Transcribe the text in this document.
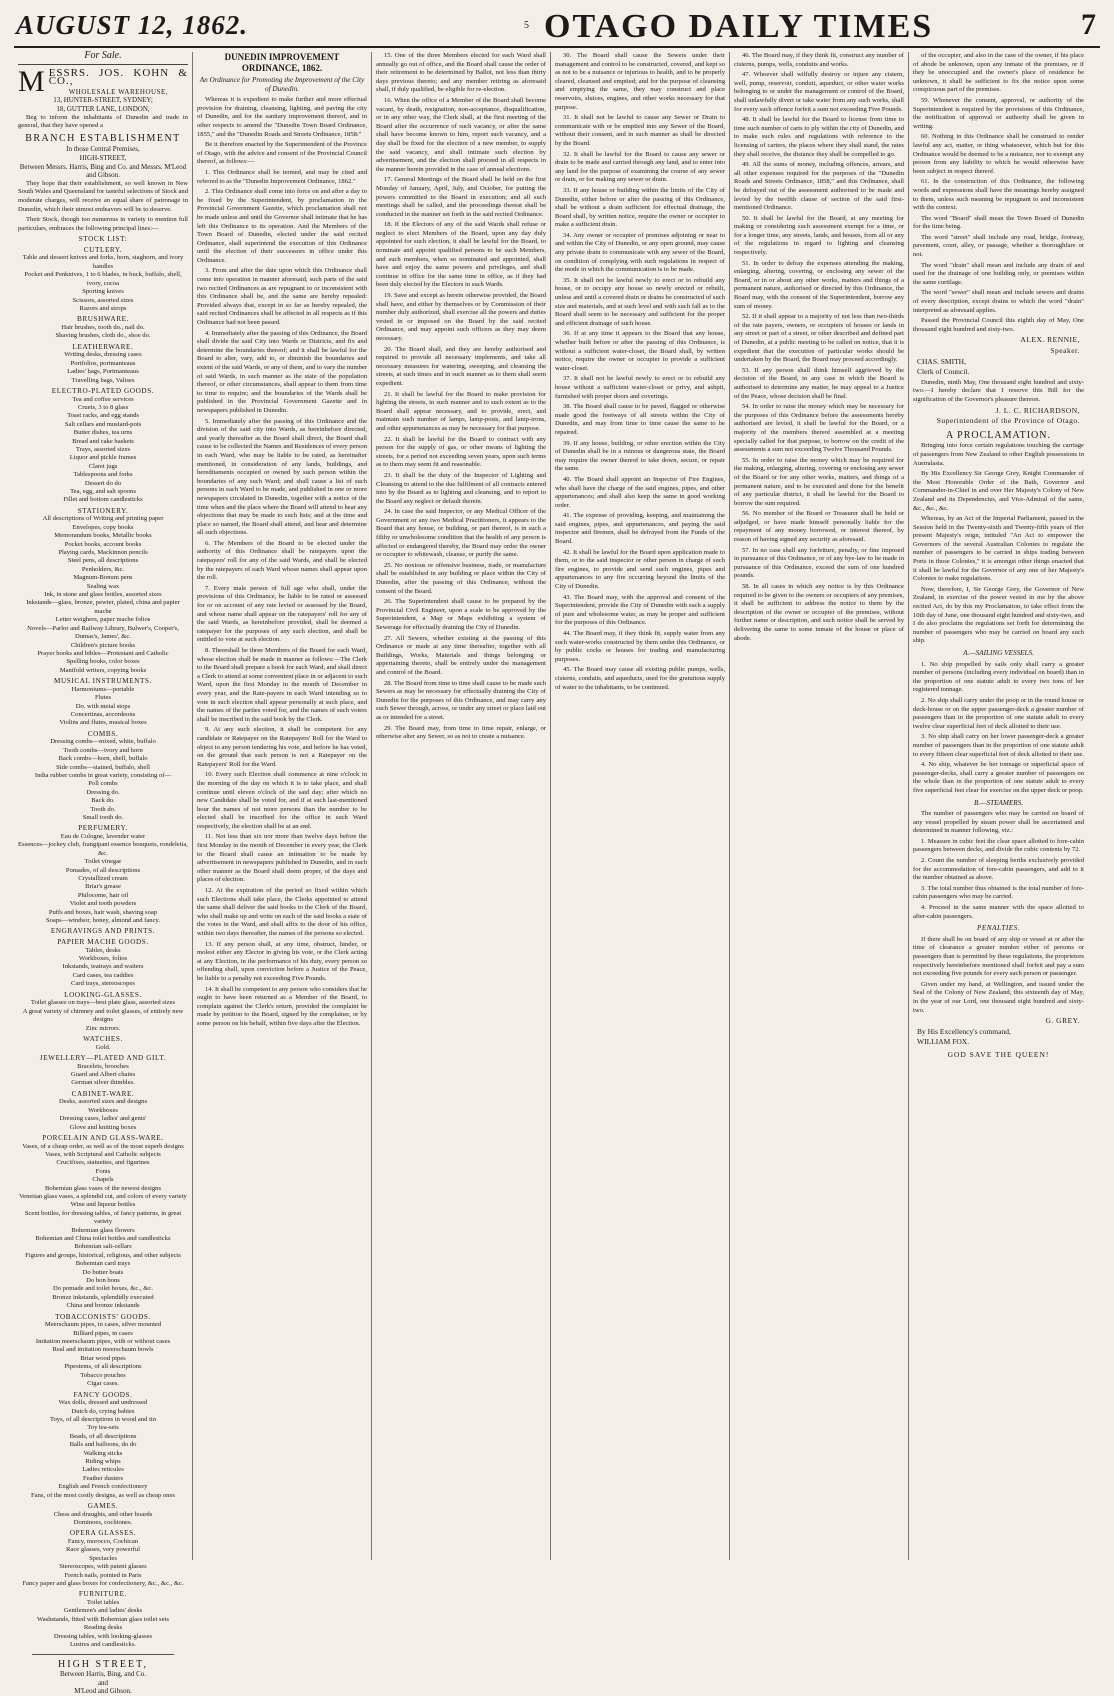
AUGUST 12, 1862.	5 OTAGO DAILY TIMES	7
For Sale.
M ESSRS. JOS. KOHN & CO.,
WHOLESALE WAREHOUSE,
13, HUNTER-STREET, SYDNEY;
18, GUTTER LANE, LONDON,

Beg to inform the inhabitants of Dunedin and trade in general, that they have opened a

BRANCH ESTABLISHMENT
In those Central Premises,
HIGH-STREET,
Between Messrs. Harris, Bing and Co. and Messrs. M'Leod and Gibson.

They hope that their establishment, so well known in New South Wales and Queensland for tasteful selections of Stock and moderate charges, will receive an equal share of patronage in Dunedin, which their utmost endeavors will be to deserve.

Their Stock, though too numerous in variety to mention full particulars, embraces the following principal lines:—

STOCK LIST:
CUTLERY.
Table and dessert knives and forks, horn, staghorn, and ivory handles
Pocket and Penknives, 1 to 6 blades, in buck, buffalo, shell, ivory, cocoa
Sporting knives
Scissors, assorted sizes
Razors and strops
BRUSHWARE.
Hair brushes, tooth do., nail do.
Shaving brushes, cloth do., shoe do.
LEATHERWARE.
Writing desks, dressing cases
Portfolios, portmanteaus
Ladies' bags, Portmanteaus
Travelling bags, Valises
ELECTRO-PLATED GOODS.
Tea and coffee services
Cruets, 3 to 8 glass
Toast racks, and egg stands
Salt cellars and mustard-pots
Butter dishes, tea urns
Bread and cake baskets
Trays, assorted sizes
Liquor and pickle frames
Claret jugs
Tablespoons and forks
Dessert do do
Tea, egg, and salt spoons
Fillet and bottom candlesticks
STATIONERY.
All descriptions of Writing and printing paper
Envelopes, copy books
Memorandum books, Metallic books
Pocket books, account books
Playing cards, Mackinnon pencils
Steel pens, all descriptions
Penholders, &c.
Magnum-Bonum pens
Sealing wax
Ink, in stone and glass bottles, assorted sizes
Inkstands—glass, bronze, pewter, plated, china and papier mache
Letter weighers, paper mache folios
Novels—Parlor and Railway Library, Bulwer's, Cooper's, Dumas's, James', &c.
Children's picture books
Prayer books and bibles—Protestant and Catholic
Spelling books, color boxes
Manifold writers, copying books
MUSICAL INSTRUMENTS.
Harmoniums—portable
Flutes
Do. with metal stops
Concertinas, accordeons
Violins and flutes, musical boxes
COMBS.
Dressing combs—mixed, white, buffalo
Tooth combs—ivory and horn
Back combs—horn, shell, buffalo
Side combs—stained, buffalo, shell
India rubber combs in great variety, consisting of—
Poll combs
Dressing do.
Back do.
Tooth do.
Small tooth do.
PERFUMERY.
Eau de Cologne, lavender water
Essences—jockey club, frangipani essence bouquets, rondeletia, &c.
Toilet vinegar
Pomades, of all descriptions
Crystallized cream
Briar's grease
Philocome, hair oil
Violet and tooth powders
Puffs and boxes, hair wash, shaving soap
Soaps—windsor, honey, almond and fancy.
ENGRAVINGS AND PRINTS.
PAPIER MACHE GOODS.
Tables, desks
Workboxes, folios
Inkstands, teatrays and waiters
Card cases, tea caddies
Card trays, stereoscopes
LOOKING-GLASSES.
Toilet glasses on trays—best plate glass, assorted sizes
A great variety of chimney and toilet glasses, of entirely new designs
Zinc mirrors.
WATCHES.
Gold.
JEWELLERY—PLATED AND GILT.
Bracelets, brooches
Guard and Albert chains
German silver thimbles.
CABINET-WARE.
Desks, assorted sizes and designs
Workboxes
Dressing cases, ladies' and gents'
Glove and knitting boxes
PORCELAIN AND GLASS-WARE.
Vases, of a cheap order, as well as of the most superb designs
Vases, with Scriptural and Catholic subjects
Crucifixes, statuettes, and figurines
Fonts
Chapels
Bohemian glass vases of the newest designs
Venetian glass vases, a splendid cut, and colors of every variety
Wine and liqueur bottles
Scent bottles, for dressing tables, of fancy patterns, in great variety
Bohemian glass flowers
Bohemian and China toilet bottles and candlesticks
Bohemian salt-cellars
Figures and groups, historical, religious, and other subjects
Bohemian card trays
Do butter boats
Do bon bons
Do pomade and toilet boxes, &c., &c.
Bronze inkstands, splendidly executed
China and bronze inkstands
TOBACCONISTS' GOODS.
Meerschaum pipes, in cases, silver mounted
Billiard pipes, in cases
Imitation meerschaum pipes, with or without cases
Real and imitation meerschaum bowls
Briar wood pipes
Pipestems, of all descriptions
Tobacco pouches
Cigar cases.
FANCY GOODS.
Wax dolls, dressed and undressed
Dutch do, crying babies
Toys, of all descriptions in wood and tin
Toy tea-sets
Beads, of all descriptions
Balls and balloons, do do
Walking sticks
Riding whips
Ladies reticules
Feather dusters
English and French confectionery
Fans, of the most costly designs, as well as cheap ones
GAMES.
Chess and draughts, and other boards
Dominoes, cochiones.
OPERA GLASSES.
Fancy, morocco, Cochican
Race glasses, very powerful
Spectacles
Stereoscopes, with patent glasses
French nails, pointed in Paris
Fancy paper and glass boxes for confectionery, &c., &c., &c.
FURNITURE.
Toilet tables
Gentlemen's and ladies' desks
Washstands, fitted with Bohemian glass toilet sets
Reading desks
Dressing tables, with looking-glasses
Lustres and candlesticks.
HIGH STREET,
Between Harris, Bing, and Co.
and
M'Leod and Gibson.
DUNEDIN IMPROVEMENT ORDINANCE, 1862.
An Ordinance for Promoting the Improvement of the City of Dunedin.

Whereas it is expedient to make further and more effectual provision for draining, cleansing, lighting, and paving the city of Dunedin, and for the sanitary improvement thereof, and in other respects to amend the "Dunedin Town Board Ordinance, 1855," and the "Dunedin Roads and Streets Ordinance, 1858:"

Be it therefore enacted by the Superintendent of the Province of Otago, with the advice and consent of the Provincial Council thereof, as follows:—

1. This Ordinance shall be termed, and may be cited and referred to as the "Dunedin Improvement Ordinance, 1862."

2. This Ordinance shall come into force on and after a day to be fixed by the Superintendent, by proclamation in the Provincial Government Gazette, which proclamation shall not be made unless and until the Governor shall intimate that he has left this Ordinance to its operation. And the Members of the Town Board of Dunedin, elected under the said recited Ordinance, shall superintend the execution of this Ordinance until the election of their successors in office under this Ordinance.

3. From and after the date upon which this Ordinance shall come into operation in manner aforesaid, such parts of the said two recited Ordinances as are repugnant to or inconsistent with this Ordinance shall be, and the same are hereby repealed: Provided always that, except in so far as hereby repealed, the said recited Ordinances shall be affected in all respects as if this Ordinance had not been passed.

4. Immediately after the passing of this Ordinance, the Board shall divide the said City into Wards or Districts, and fix and determine the boundaries thereof; and it shall be lawful for the Board to alter, vary, add to, or diminish the boundaries and extent of the said Wards, or any of them, and to vary the number of said Wards, in such manner as the state of the population thereof, or other circumstances, shall appear to them from time to time to require; and the boundaries of the Wards shall be published in the Provincial Government Gazette and in newspapers published in Dunedin.

5. Immediately after the passing of this Ordinance and the division of the said city into Wards, as hereinbefore directed, and yearly thereafter as the Board shall direct, the Board shall cause to be collected the Names and Residences of every person in each Ward, who may be liable to be rated, as hereinafter mentioned, in consideration of any lands, buildings, and hereditaments occupied or owned by such person within the boundaries of any such Ward; and shall cause a list of such persons in each Ward to be made, and published in one or more newspapers circulated in Dunedin, together with a notice of the time when and the place where the Board will attend to hear any objections that may be made to such lists; and at the time and place so named, the Board shall attend, and hear and determine all such objections.

6. The Members of the Board to be elected under the authority of this Ordinance shall be ratepayers upon the ratepayers' roll for any of the said Wards, and shall be elected by the ratepayers of each Ward whose names shall appear upon the roll.

7. Every male person of full age who shall, under the provisions of this Ordinance, be liable to be rated or assessed for or on account of any rate levied or assessed by the Board, and whose name shall appear on the ratepayers' roll for any of the said Wards, as hereinbefore provided, shall be deemed a ratepayer for the purposes of any such election, and shall be entitled to vote at such election.

8. Thereshall be three Members of the Board for each Ward, whose election shall be made in manner as follows:—The Clerk to the Board shall prepare a book for each Ward, and shall direct a Clerk to attend at some convenient place in or adjacent to such Ward, upon the first Monday in the month of December in every year, and the Rate-payers in each Ward intending so to vote in such election shall appear personally at such place, and the names of the parties voted for, and the names of such voters shall be inscribed in the said book by the Clerk.

9. At any such election, it shall be competent for any candidate or Ratepayer on the Ratepayers' Roll for the Ward to object to any person tendering his vote, and before he has voted, on the ground that such person is not a Ratepayer on the Ratepayers' Roll for the Ward.

10. Every such Election shall commence at nine o'clock in the morning of the day on which it is to take place, and shall continue until eleven o'clock of the said day; after which no new Candidate shall be voted for, and if at such last-mentioned hour the names of not more persons than the number to be elected shall be inscribed for the office in such Ward respectively, the election shall be at an end.

11. Not less than six nor more than twelve days before the first Monday in the month of December in every year, the Clerk to the Board shall cause an intimation to be made by advertisement in newspapers published in Dunedin, and in such other manner as the Board shall deem proper, of the days and places of election.

12. At the expiration of the period so fixed within which such Elections shall take place, the Clerks appointed to attend the same shall deliver the said books to the Clerk of the Board, who shall make up and write on each of the said books a state of the votes in the Ward, and shall affix to the door of his office, within two days thereafter, the names of the persons so elected.

13. If any person shall, at any time, obstruct, hinder, or molest either any Elector in giving his vote, or the Clerk acting at any Election, in the performance of his duty, every person so offending shall, upon conviction before a Justice of the Peace, be liable to a penalty not exceeding Five Pounds.

14. It shall be competent to any person who considers that he ought to have been returned as a Member of the Board, to complain against the Clerk's return, provided the complaint be made by petition to the Board, signed by the complainer, or by some person on his behalf, within five days after the Election.

15. One of the three Members elected for each Ward shall annually go out of office, and the Board shall cause the order of their retirement to be determined by Ballot, not less than thirty days previous thereto; and any member retiring as aforesaid shall, if duly qualified, be eligible for re-election.

16. When the office of a Member of the Board shall become vacant, by death, resignation, non-acceptance, disqualification, or in any other way, the Clerk shall, at the first meeting of the Board after the occurrence of such vacancy, or after the same shall have become known to him, report such vacancy, and a day shall be fixed for the election of a new member, to supply the said vacancy, and shall intimate such election by advertisement, and the election shall proceed in all respects in the manner herein provided in the case of annual elections.

17. General Meetings of the Board shall be held on the first Monday of January, April, July, and October, for putting the powers committed to the Board in execution; and all such meetings shall be called, and the proceedings thereat shall be conducted in the manner set forth in the said recited Ordinance.

18. If the Electors of any of the said Wards shall refuse or neglect to elect Members of the Board, upon any day duly appointed for such election, it shall be lawful for the Board, to nominate and appoint qualified persons to be such Members, and such members, when so nominated and appointed, shall have and enjoy the same powers and privileges, and shall continue in office for the same time in office, as if they had been duly elected by the Electors in such Wards.

19. Save and except as herein otherwise provided, the Board shall have, and either by themselves or by Commission of their number duly authorized, shall exercise all the powers and duties vested in or imposed on the Board by the said recited Ordinance, and may appoint such officers as they may deem necessary.

20. The Board shall, and they are hereby authorised and required to provide all necessary implements, and take all necessary measures for watering, sweeping, and cleansing the streets, at such times and in such manner as to them shall seem expedient.

21. It shall be lawful for the Board to make provision for lighting the streets, in such manner and to such extent as to the Board shall appear necessary, and to provide, erect, and maintain such number of lamps, lamp-posts, and lamp-irons, and other appurtenances as may be necessary for that purpose.

22. It shall be lawful for the Board to contract with any person for the supply of gas, or other means of lighting the streets, for a period not exceeding seven years, upon such terms as to them may seem fit and reasonable.

23. It shall be the duty of the Inspector of Lighting and Cleansing to attend to the due fulfilment of all contracts entered into by the Board as to lighting and cleansing, and to report to the Board any neglect or default therein.

24. In case the said Inspector, or any Medical Officer of the Government or any two Medical Practitioners, it appears to the Board that any house, or building, or part thereof, is in such a filthy or unwholesome condition that the health of any person is affected or endangered thereby, the Board may order the owner or occupier to whitewash, cleanse, or purify the same.

25. No noxious or offensive business, trade, or manufacture shall be established in any building or place within the City of Dunedin, after the passing of this Ordinance, without the consent of the Board.

26. The Superintendent shall cause to be prepared by the Provincial Civil Engineer, upon a scale to be approved by the Superintendent, a Map or Maps exhibiting a system of Sewerage for effectually draining the City of Dunedin.

27. All Sewers, whether existing at the passing of this Ordinance or made at any time thereafter, together with all Buildings, Works, Materials and things belonging or appertaining thereto, shall be entirely under the management and control of the Board.

28. The Board from time to time shall cause to be made such Sewers as may be necessary for effectually draining the City of Dunedin for the purposes of this Ordinance, and may carry any such Sewer through, across, or under any street or place laid out as or intended for a street.

29. The Board may, from time to time repair, enlarge, or otherwise alter any Sewer, so as not to create a nuisance.

30. The Board shall cause the Sewers under their management and control to be constructed, covered, and kept so as not to be a nuisance or injurious to health, and to be properly cleared, cleansed and emptied; and for the purpose of cleansing and emptying the same, they may construct and place reservoirs, sluices, engines, and other works necessary for that purpose.

31. It shall not be lawful to cause any Sewer or Drain to communicate with or be emptied into any Sewer of the Board, without their consent, and in such manner as shall be directed by the Board.

32. It shall be lawful for the Board to cause any sewer or drain to be made and carried through any land, and to enter into any land for the purpose of examining the course of any sewer or drain, or for making any sewer or drain.

33. If any house or building within the limits of the City of Dunedin, either before or after the passing of this Ordinance, shall be without a drain sufficient for effectual drainage, the Board shall, by written notice, require the owner or occupier to make a sufficient drain.

34. Any owner or occupier of premises adjoining or near to and within the City of Dunedin, or any open ground, may cause any private drain to communicate with any sewer of the Board, on condition of complying with such regulations in respect of the mode in which the communication is to be made.

35. It shall not be lawful newly to erect or to rebuild any house, or to occupy any house so newly erected or rebuilt, unless and until a covered drain or drains be constructed of such size and materials, and at such level and with such fall as to the Board shall seem to be necessary and sufficient for the proper and efficient drainage of such house.

36. If at any time it appears to the Board that any house, whether built before or after the passing of this Ordinance, is without a sufficient water-closet, the Board shall, by written notice, require the owner or occupier to provide a sufficient water-closet.

37. It shall not be lawful newly to erect or to rebuild any house without a sufficient water-closet or privy, and ashpit, furnished with proper doors and coverings.

38. The Board shall cause to be paved, flagged or otherwise made good the footways of all streets within the City of Dunedin, and may from time to time cause the same to be repaired.

39. If any house, building, or other erection within the City of Dunedin shall be in a ruinous or dangerous state, the Board may require the owner thereof to take down, secure, or repair the same.

40. The Board shall appoint an Inspector of Fire Engines, who shall have the charge of the said engines, pipes, and other appurtenances; and shall also keep the same in good working order.

41. The expense of providing, keeping, and maintaining the said engines, pipes, and appurtenances, and paying the said inspector and firemen, shall be defrayed from the Funds of the Board.

42. It shall be lawful for the Board upon application made to them, or to the said inspector or other person in charge of such fire engines, to provide and send such engines, pipes and appurtenances to any fire occurring beyond the limits of the City of Dunedin.

43. The Board may, with the approval and consent of the Superintendent, provide the City of Dunedin with such a supply of pure and wholesome water, as may be proper and sufficient for the purposes of this Ordinance.

44. The Board may, if they think fit, supply water from any such water-works constructed by them under this Ordinance, or by public cocks or houses for trading and manufacturing purposes.

45. The Board may cause all existing public pumps, wells, cisterns, conduits, and aqueducts, used for the gratuitous supply of water to the inhabitants, to be continued.

46. The Board may, if they think fit, construct any number of cisterns, pumps, wells, conduits and works.

47. Whoever shall wilfully destroy or injure any cistern, well, pump, reservoir, conduit, aqueduct, or other water works belonging to or under the management or control of the Board, shall unlawfully divert or take water from any such works, shall for every such offence forfeit a sum not exceeding Five Pounds.

48. It shall be lawful for the Board to license from time to time such number of carts to ply within the city of Dunedin, and to make such rules and regulations with reference to the licensing of carters, the places where they shall stand, the rates they shall receive, the distance they shall be compelled to go.

49. All the sums of money, including offences, arrears, and all other expenses required for the purposes of the "Dunedin Roads and Streets Ordinance, 1858," and this Ordinance, shall be defrayed out of the assessment authorised to be made and levied by the twelfth clause of section of the said first-mentioned Ordinance.

50. It shall be lawful for the Board, at any meeting for making or considering such assessment exempt for a time, or for a longer time, any streets, lands, and houses, from all or any of the regulations in regard to lighting and cleansing respectively.

51. In order to defray the expenses attending the making, enlarging, altering, covering, or enclosing any sewer of the Board, or in or about any other works, matters and things of a permanent nature, authorised or directed by this Ordinance, the Board may, with the consent of the Superintendent, borrow any sum of money.

52. If it shall appear to a majority of not less than two-thirds of the rate payers, owners, or occupiers of houses or lands in any street or part of a street, or other described and defined part of Dunedin, at a public meeting to be called on notice, that it is expedient that the execution of particular works should be undertaken by the Board, the Board may proceed accordingly.

53. If any person shall think himself aggrieved by the decision of the Board, in any case in which the Board is authorised to determine any matter, he may appeal to a Justice of the Peace, whose decision shall be final.

54. In order to raise the money which may be necessary for the purposes of this Ordinance before the assessments hereby authorised are levied, it shall be lawful for the Board, or a majority of the members thereof assembled at a meeting specially called for that purpose, to borrow on the credit of the assessments a sum not exceeding Twelve Thousand Pounds.

55. In order to raise the money which may be required for the making, enlarging, altering, covering or enclosing any sewer of the Board or for any other works, matters, and things of a permanent nature, and to be executed and done for the benefit of any particular district, it shall be lawful for the Board to borrow the sum required.

56. No member of the Board or Treasurer shall be held or adjudged, or have made himself personally liable for the repayment of any money borrowed, or interest thereof, by reason of having signed any security as aforesaid.

57. In no case shall any forfeiture, penalty, or fine imposed in pursuance of this Ordinance, or of any bye-law to be made in pursuance of this Ordinance, exceed the sum of one hundred pounds.

58. In all cases in which any notice is by this Ordinance required to be given to the owners or occupiers of any premises, it shall be sufficient to address the notice to them by the description of the owner or occupier of the premises, without further name or description, and such notice shall be served by delivering the same to some inmate of the house or place of abode.

of the occupier, and also in the case of the owner, if his place of abode be unknown, upon any inmate of the premises, or if they be unoccupied and the owner's place of residence be unknown, it shall be sufficient to fix the notice upon some conspicuous part of the premises.

59. Whenever the consent, approval, or authority of the Superintendent is required by the provisions of this Ordinance, the notification of approval or authority shall be given in writing.

60. Nothing in this Ordinance shall be construed to render lawful any act, matter, or thing whatsoever, which but for this Ordinance would be deemed to be a nuisance, nor to exempt any person from any liability to which he would otherwise have been subject in respect thereof.

61. In the construction of this Ordinance, the following words and expressions shall have the meanings hereby assigned to them, unless such meaning be repugnant to and inconsistent with the context.

The word "Board" shall mean the Town Board of Dunedin for the time being.

The word "street" shall include any road, bridge, footway, pavement, court, alley, or passage, whether a thoroughfare or not.

The word "drain" shall mean and include any drain of and used for the drainage of one building only, or premises within the same curtilage.

The word "sewer" shall mean and include sewers and drains of every description, except drains to which the word "drain" interpreted as aforesaid applies.

Passed the Provincial Council this eighth day of May, One thousand eight hundred and sixty-two.

ALEX. RENNIE,
Speaker.
CHAS. SMITH,
Clerk of Council.

Dunedin, ninth May, One thousand eight hundred and sixty-two.—I hereby declare that I reserve this Bill for the signification of the Governor's pleasure thereon.

J. L. C. RICHARDSON,
Superintendent of the Province of Otago.
A PROCLAMATION.

Bringing into force certain regulations touching the carriage of passengers from New Zealand to other English possessions in Australasia.

By His Excellency Sir George Grey, Knight Commander of the Most Honorable Order of the Bath, Governor and Commander-in-Chief in and over Her Majesty's Colony of New Zealand and its Dependencies, and Vice-Admiral of the same, &c., &c., &c.

Whereas, by an Act of the Imperial Parliament, passed in the Session held in the Twenty-sixth and Twenty-fifth years of Her present Majesty's reign, intituled "An Act to empower the Governors of the several Australian Colonies to regulate the number of passengers to be carried in ships trading between Ports in those Colonies," it is amongst other things enacted that it shall be lawful for the Governor of any one of her Majesty's Colonies to make regulations.

Now, therefore, I, Sir George Grey, the Governor of New Zealand, in exercise of the power vested in me by the above recited Act, do by this my Proclamation, to take effect from the 10th day of June, one thousand eight hundred and sixty-two, and I do also proclaim the regulations set forth for determining the number of passengers who may be carried on board any such ship.

A.—SAILING VESSELS.

1. No ship propelled by sails only shall carry a greater number of persons (including every individual on board) than in the proportion of one statute adult to every two tons of her registered tonnage.

2. No ship shall carry under the poop or in the round house or deck-house or on the upper passenger-deck a greater number of passengers than in the proportion of one statute adult to every twelve clear superficial feet of deck allotted to their use.

3. No ship shall carry on her lower passenger-deck a greater number of passengers than in the proportion of one statute adult to every fifteen clear superficial feet of deck allotted to their use.

4. No ship, whatever be her tonnage or superficial space of passenger-decks, shall carry a greater number of passengers on the whole than in the proportion of one statute adult to every five superficial feet clear for exercise on the upper deck or poop.

B.—STEAMERS.

The number of passengers who may be carried on board of any vessel propelled by steam power shall be ascertained and determined in manner following, viz.:

1. Measure in cubic feet the clear space allotted to fore-cabin passengers between decks, and divide the cubic contents by 72.

2. Count the number of sleeping berths exclusively provided for the accommodation of fore-cabin passengers, and add to it the number obtained as above.

3. The total number thus obtained is the total number of fore-cabin passengers who may be carried.

4. Proceed in the same manner with the space allotted to after-cabin passengers.

PENALTIES.

If there shall be on board of any ship or vessel at or after the time of clearance a greater number either of persons or passengers than is permitted by these regulations, the proprietors respectively hereinbefore mentioned shall forfeit and pay a sum not exceeding five pounds for every such person or passenger.

Given under my hand, at Wellington, and issued under the Seal of the Colony of New Zealand, this sixteenth day of May, in the year of our Lord, one thousand eight hundred and sixty-two.

G. GREY.
By His Excellency's command,
WILLIAM FOX.
GOD SAVE THE QUEEN!
